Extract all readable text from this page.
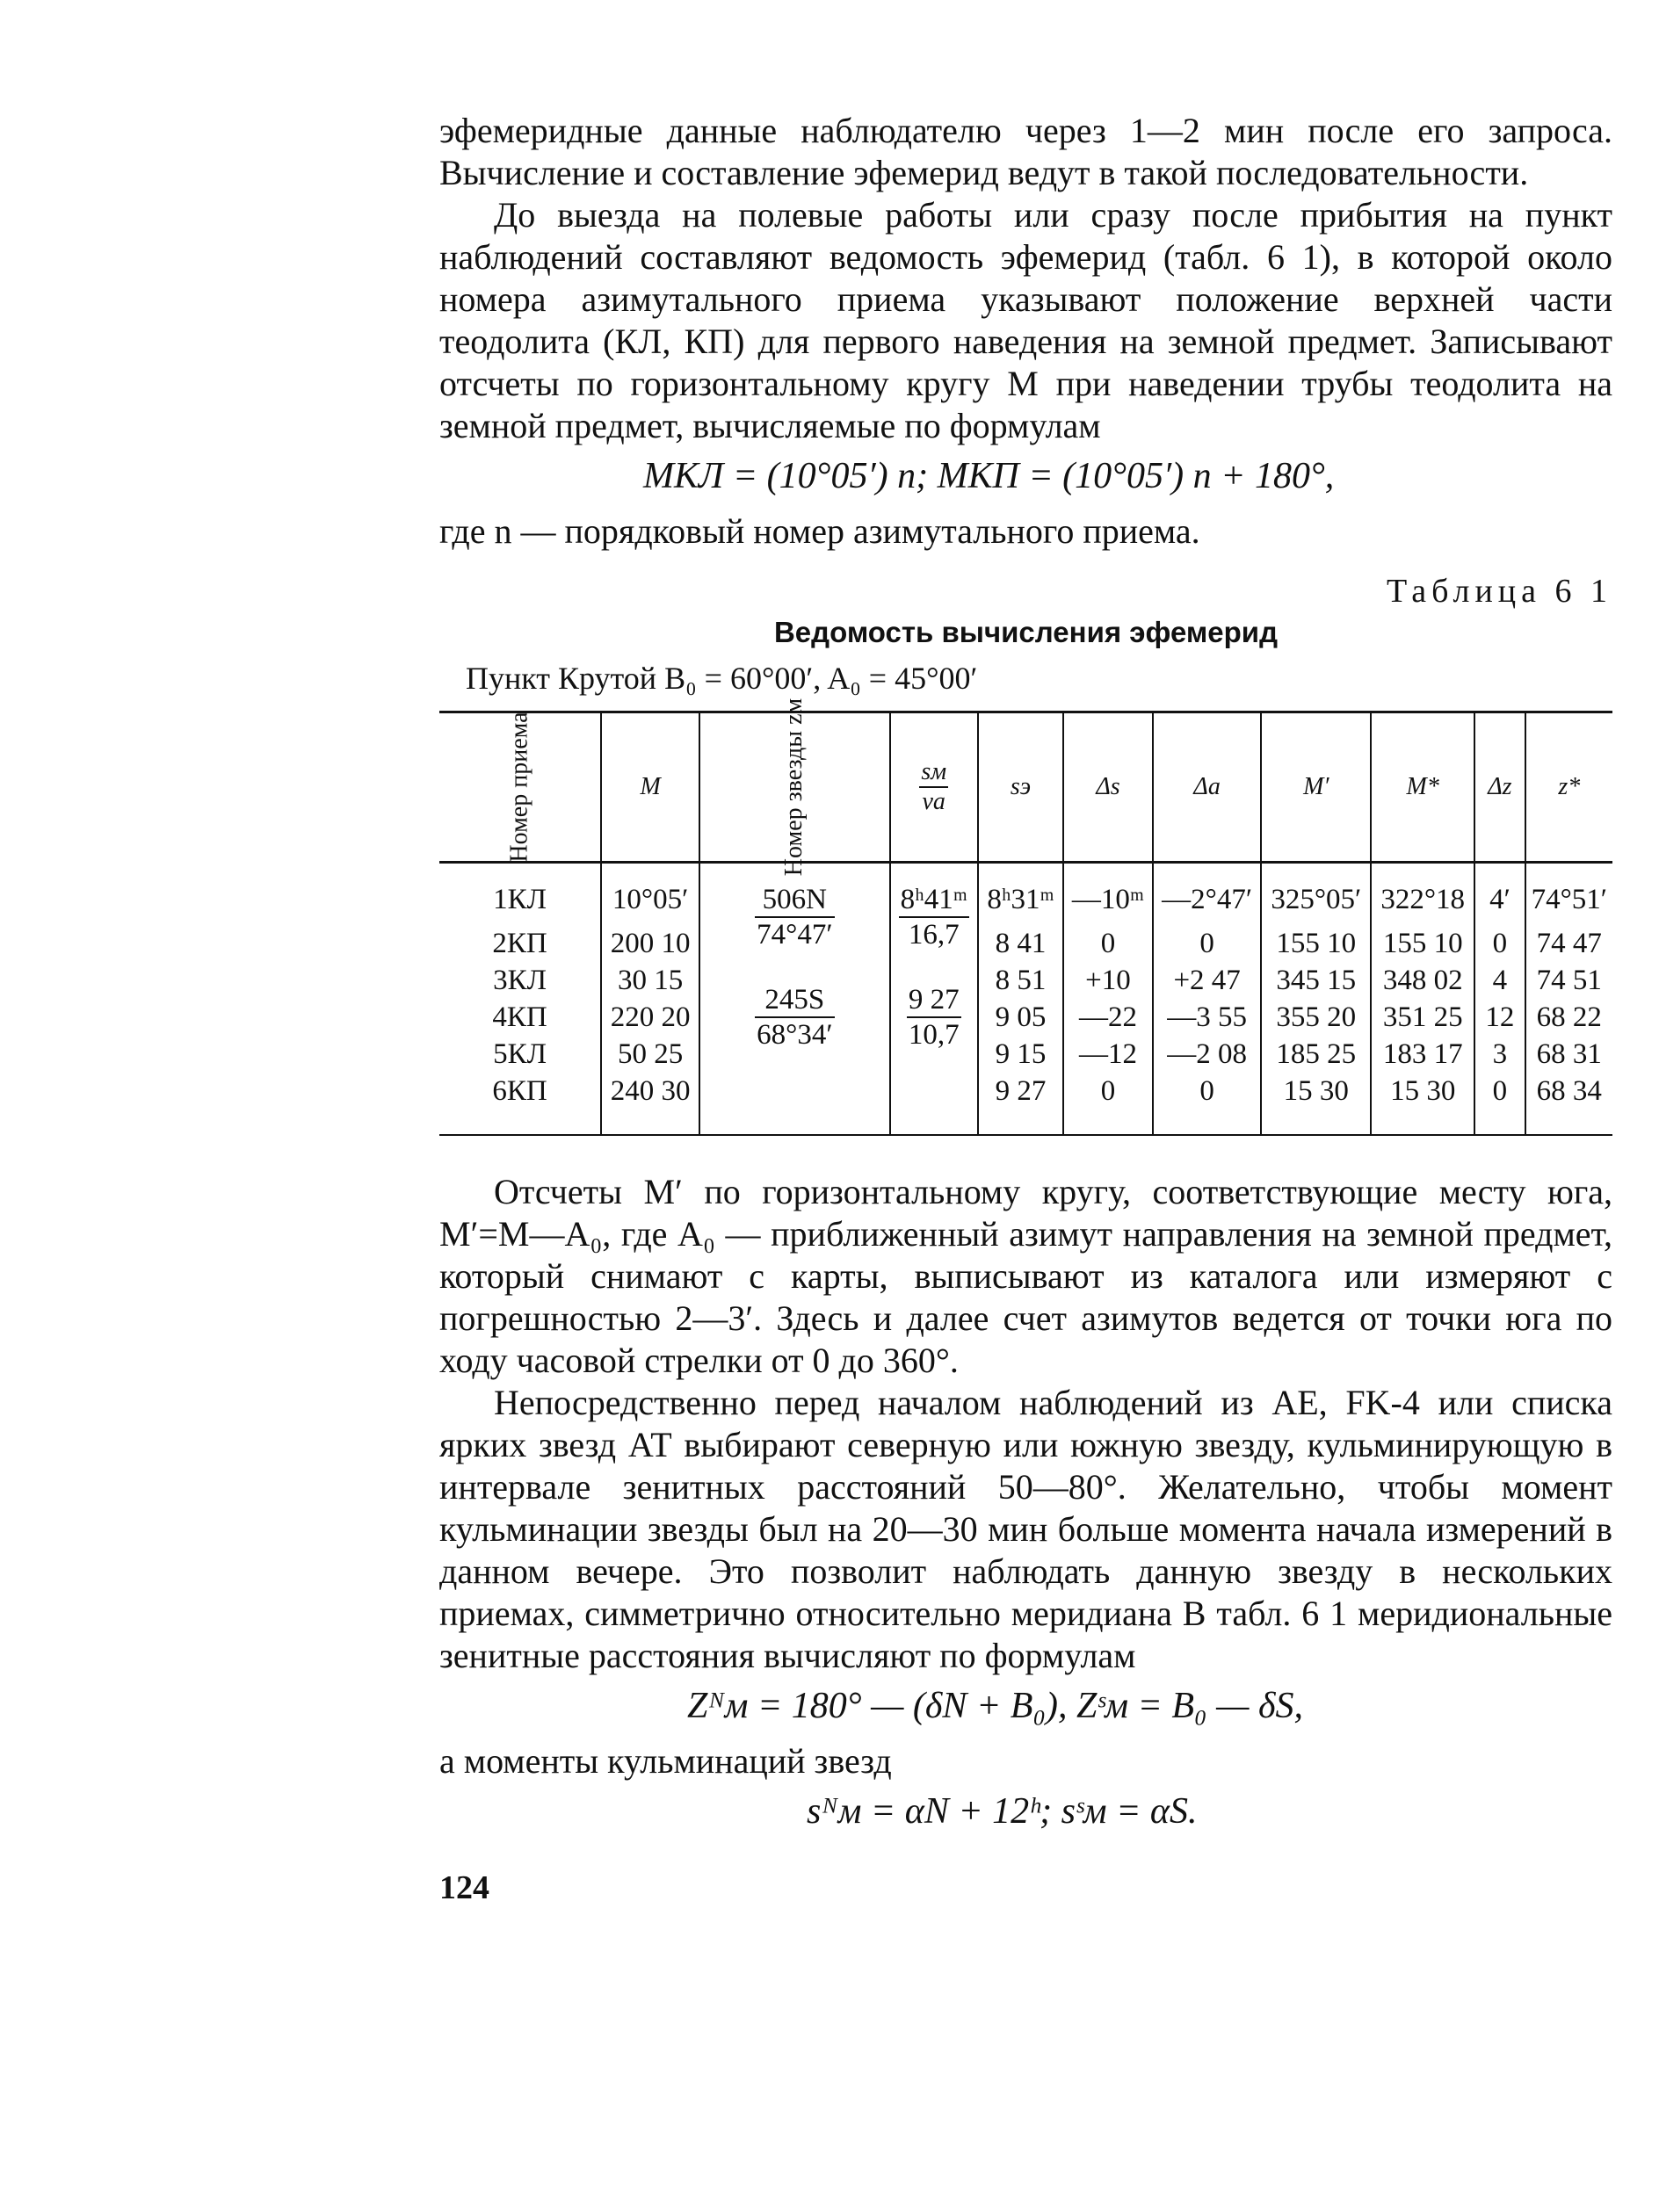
эфемеридные данные наблюдателю через 1—2 мин после его запроса. Вычисление и составление эфемерид ведут в такой последовательности.

До выезда на полевые работы или сразу после прибытия на пункт наблюдений составляют ведомость эфемерид (табл. 6 1), в которой около номера азимутального приема указывают положение верхней части теодолита (КЛ, КП) для первого наведения на земной предмет. Записывают отсчеты по горизонтальному кругу M при наведении трубы теодолита на земной предмет, вычисляемые по формулам

MКЛ = (10°05′) n; MКП = (10°05′) n + 180°,

где n — порядковый номер азимутального приема.

Таблица 6 1
Ведомость вычисления эфемерид
Пункт Крутой B₀ = 60°00′, A₀ = 45°00′
Номер приема	M	Номер звезды zм	$\frac{sм}{va}$	sэ	Δs	Δa	M′	M*	Δz	z*
1КЛ	10°05′	$\frac{506N}{74^\circ 47'}$	$\frac{\text{8ʰ41ᵐ}}{16,7}$	8ʰ31ᵐ	—10ᵐ	—2°47′	325°05′	322°18	4′	74°51′
2КП	200 10			8 41	0	0	155 10	155 10	0	74 47
3КЛ	30 15	$\frac{245S}{68^\circ 34'}$	$\frac{9 27}{10,7}$	8 51	+10	+2 47	345 15	348 02	4	74 51
4КП	220 20			9 05	—22	—3 55	355 20	351 25	12	68 22
5КЛ	50 25			9 15	—12	—2 08	185 25	183 17	3	68 31
6КП	240 30			9 27	0	0	15 30	15 30	0	68 34

Отсчеты M′ по горизонтальному кругу, соответствующие месту юга, M′=M—A₀, где A₀ — приближенный азимут направления на земной предмет, который снимают с карты, выписывают из каталога или измеряют с погрешностью 2—3′. Здесь и далее счет азимутов ведется от точки юга по ходу часовой стрелки от 0 до 360°.

Непосредственно перед началом наблюдений из АЕ, FK-4 или списка ярких звезд АТ выбирают северную или южную звезду, кульминирующую в интервале зенитных расстояний 50—80°. Желательно, чтобы момент кульминации звезды был на 20—30 мин больше момента начала измерений в данном вечере. Это позволит наблюдать данную звезду в нескольких приемах, симметрично относительно меридиана В табл. 6 1 меридиональные зенитные расстояния вычисляют по формулам

Zᴺм = 180° — (δN + B₀), Zˢм = B₀ — δS,

а моменты кульминаций звезд

sᴺм = αN + 12ʰ; sˢм = αS.
124
